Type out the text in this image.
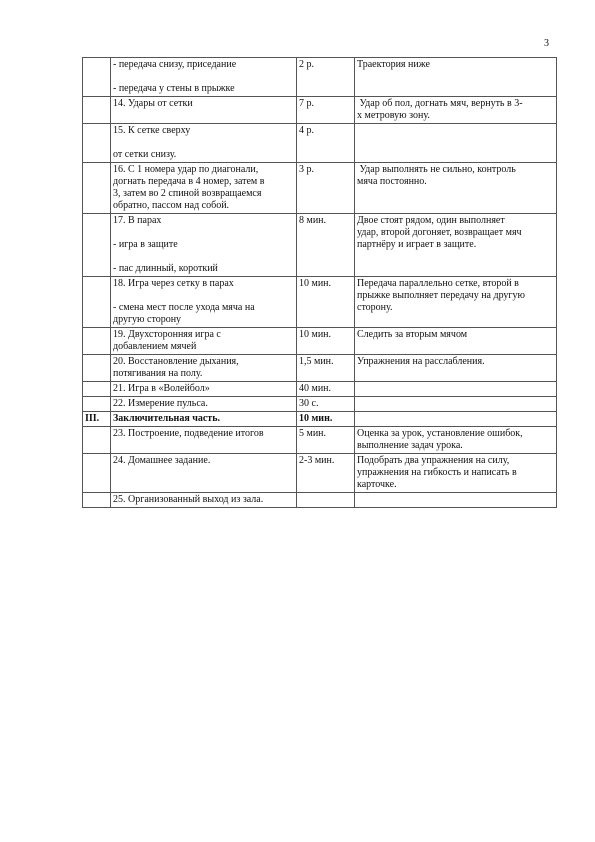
3

	- передача снизу, приседание
- передача у стены в прыжке	2 р.	Траектория ниже

	14. Удары от сетки	7 р.	Удар об пол, догнать мяч, вернуть в 3-
х метровую зону.

	15. К сетке сверху
от сетки снизу.	4 р.	

	16. С 1 номера удар по диагонали,
догнать передача в 4 номер, затем в
3, затем во 2 спиной возвращаемся
обратно, пассом над собой.	3 р.	Удар выполнять не сильно, контроль
мяча постоянно.

	17. В парах
- игра в защите
- пас длинный, короткий	8 мин.	Двое стоят рядом, один выполняет
удар, второй догоняет, возвращает мяч
партнёру и играет в защите.

	18. Игра через сетку в парах
- смена мест после ухода мяча на
другую сторону	10 мин.	Передача параллельно сетке, второй в
прыжке выполняет передачу на другую
сторону.

	19. Двухсторонняя игра с
добавлением мячей	10 мин.	Следить за вторым мячом

	20. Восстановление дыхания,
потягивания на полу.	1,5 мин.	Упражнения на расслабления.

	21. Игра в «Волейбол»	40 мин.	

	22. Измерение пульса.	30 с.	

III.	Заключительная часть.	10 мин.	

	23. Построение, подведение итогов	5 мин.	Оценка за урок, установление ошибок,
выполнение задач урока.

	24. Домашнее задание.	2-3 мин.	Подобрать два упражнения на силу,
упражнения на гибкость и написать в
карточке.

	25. Организованный выход из зала.		
